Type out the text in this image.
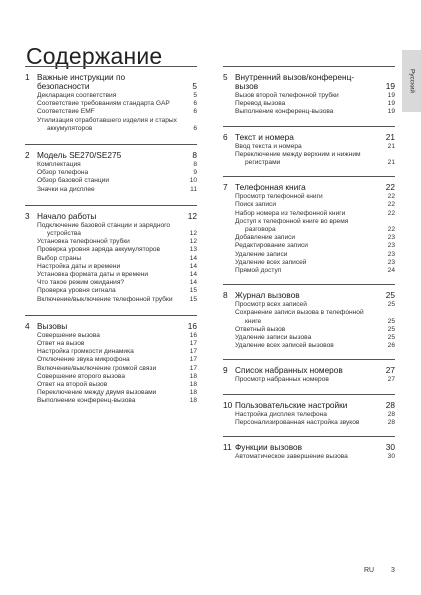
Содержание
Русский
1 Важные инструкции по безопасности	5
Декларация соответствия	5
Соответствие требованиям стандарта GAP	6
Соответствие EMF	6
Утилизация отработавшего изделия и старых аккумуляторов	6
2 Модель SE270/SE275	8
Комплектация	8
Обзор телефона	9
Обзор базовой станции	10
Значки на дисплее	11
3 Начало работы	12
Подключение базовой станции и зарядного устройства	12
Установка телефонной трубки	12
Проверка уровня заряда аккумуляторов	13
Выбор страны	14
Настройка даты и времени	14
Установка формата даты и времени	14
Что такое режим ожидания?	14
Проверка уровня сигнала	15
Включение/выключение телефонной трубки	15
4 Вызовы	16
Совершение вызова	16
Ответ на вызов	17
Настройка громкости динамика	17
Отключение звука микрофона	17
Включение/выключение громкой связи	17
Совершение второго вызова	18
Ответ на второй вызов	18
Переключение между двумя вызовами	18
Выполнение конференц-вызова	18
5 Внутренний вызов/конференц-вызов	19
Вызов второй телефонной трубки	19
Перевод вызова	19
Выполнение конференц-вызова	19
6 Текст и номера	21
Ввод текста и номера	21
Переключение между верхним и нижним регистрами	21
7 Телефонная книга	22
Просмотр телефонной книги	22
Поиск записи	22
Набор номера из телефонной книги	22
Доступ к телефонной книге во время разговора	22
Добавление записи	23
Редактирование записи	23
Удаление записи	23
Удаление всех записей	23
Прямой доступ	24
8 Журнал вызовов	25
Просмотр всех записей	25
Сохранение записи вызова в телефонной книге	25
Ответный вызов	25
Удаление записи вызова	25
Удаление всех записей вызовов	26
9 Список набранных номеров	27
Просмотр набранных номеров	27
10 Пользовательские настройки	28
Настройка дисплея телефона	28
Персонализированная настройка звуков	28
11 Функции вызовов	30
Автоматическое завершение вызова	30
RU 3
